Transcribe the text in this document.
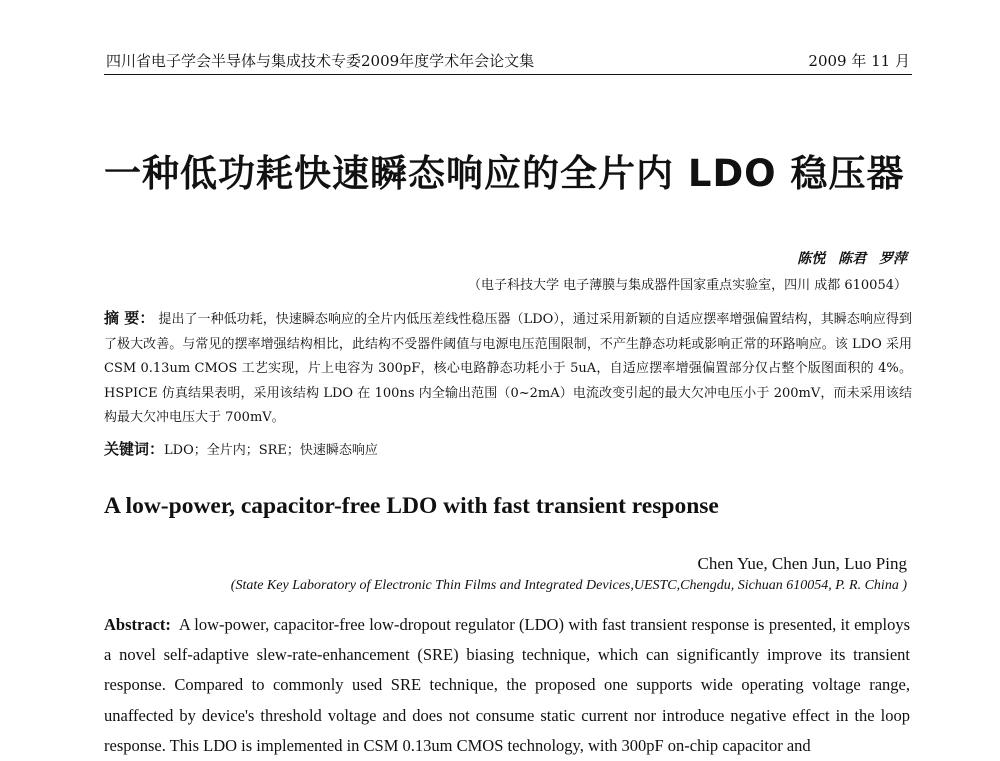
四川省电子学会半导体与集成技术专委2009年度学术年会论文集	2009 年 11 月
一种低功耗快速瞬态响应的全片内 LDO 稳压器
陈悦 陈君 罗萍
（电子科技大学 电子薄膜与集成器件国家重点实验室，四川 成都 610054）
摘 要： 提出了一种低功耗，快速瞬态响应的全片内低压差线性稳压器（LDO），通过采用新颖的自适应摆率增强偏置结构，其瞬态响应得到了极大改善。与常见的摆率增强结构相比，此结构不受器件阈值与电源电压范围限制，不产生静态功耗或影响正常的环路响应。该 LDO 采用 CSM 0.13um CMOS 工艺实现，片上电容为 300pF，核心电路静态功耗小于 5uA，自适应摆率增强偏置部分仅占整个版图面积的 4%。HSPICE 仿真结果表明，采用该结构 LDO 在 100ns 内全输出范围（0~2mA）电流改变引起的最大欠冲电压小于 200mV，而未采用该结构最大欠冲电压大于 700mV。
关键词：LDO；全片内；SRE；快速瞬态响应
A low-power, capacitor-free LDO with fast transient response
Chen Yue, Chen Jun, Luo Ping
(State Key Laboratory of Electronic Thin Films and Integrated Devices,UESTC,Chengdu, Sichuan 610054, P. R. China )
Abstract: A low-power, capacitor-free low-dropout regulator (LDO) with fast transient response is presented, it employs a novel self-adaptive slew-rate-enhancement (SRE) biasing technique, which can significantly improve its transient response. Compared to commonly used SRE technique, the proposed one supports wide operating voltage range, unaffected by device's threshold voltage and does not consume static current nor introduce negative effect in the loop response. This LDO is implemented in CSM 0.13um CMOS technology, with 300pF on-chip capacitor and
